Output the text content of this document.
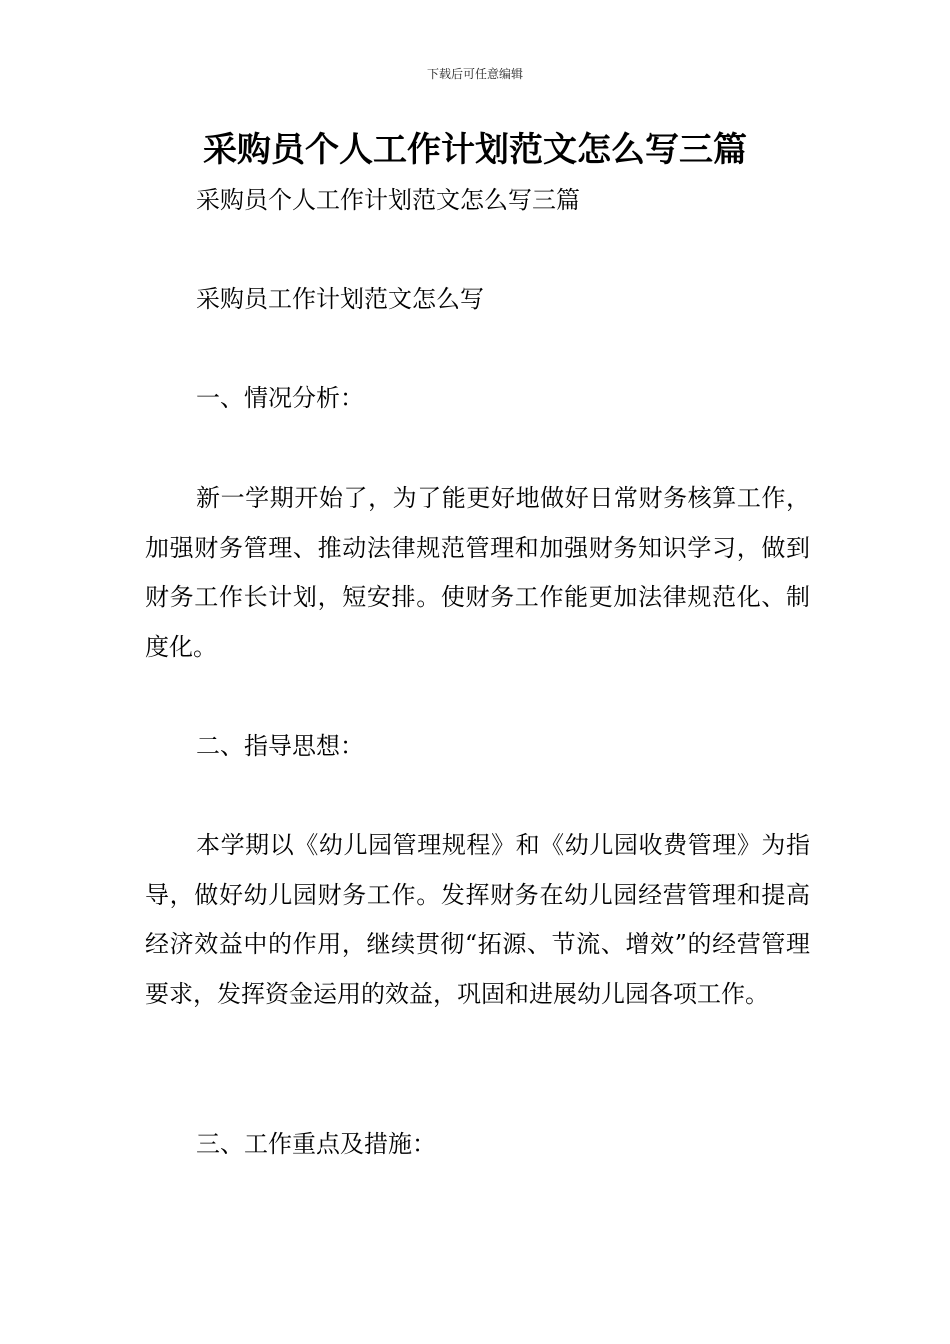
下载后可任意编辑
采购员个人工作计划范文怎么写三篇
采购员个人工作计划范文怎么写三篇
采购员工作计划范文怎么写
一、情况分析：

新一学期开始了，为了能更好地做好日常财务核算工作，加强财务管理、推动法律规范管理和加强财务知识学习，做到财务工作长计划，短安排。使财务工作能更加法律规范化、制度化。

二、指导思想：

本学期以《幼儿园管理规程》和《幼儿园收费管理》为指导，做好幼儿园财务工作。发挥财务在幼儿园经营管理和提高经济效益中的作用，继续贯彻“拓源、节流、增效”的经营管理要求，发挥资金运用的效益，巩固和进展幼儿园各项工作。

三、工作重点及措施：
